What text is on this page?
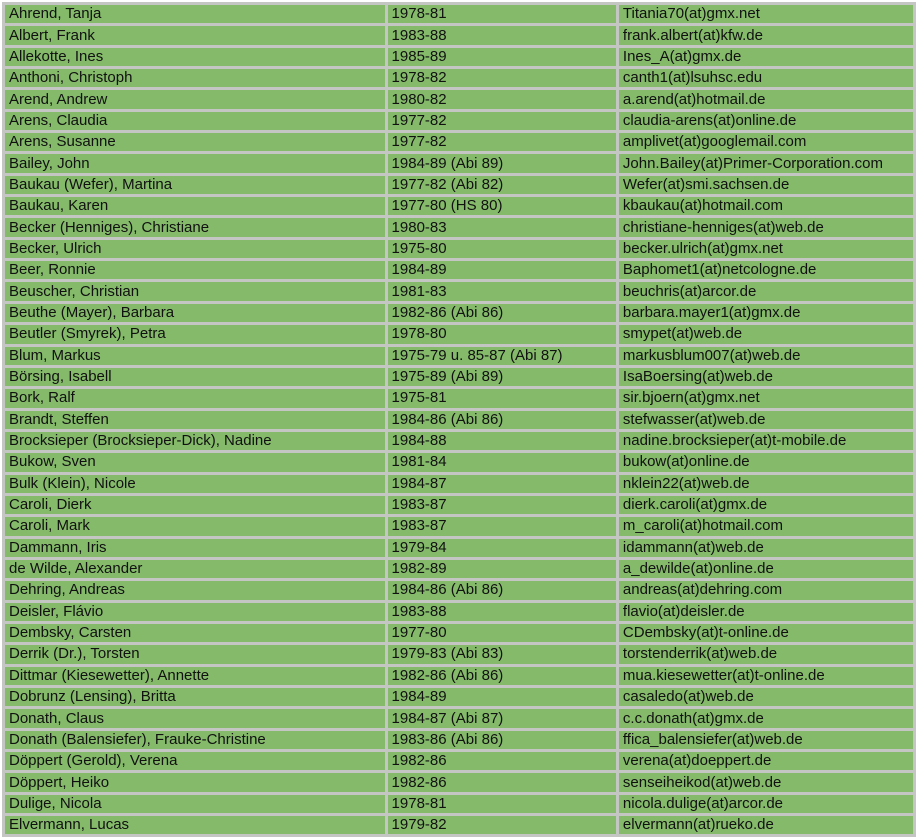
Ahrend, Tanja	1978-81	Titania70(at)gmx.net
Albert, Frank	1983-88	frank.albert(at)kfw.de
Allekotte, Ines	1985-89	Ines_A(at)gmx.de
Anthoni, Christoph	1978-82	canth1(at)lsuhsc.edu
Arend, Andrew	1980-82	a.arend(at)hotmail.de
Arens, Claudia	1977-82	claudia-arens(at)online.de
Arens, Susanne	1977-82	amplivet(at)googlemail.com
Bailey, John	1984-89 (Abi 89)	John.Bailey(at)Primer-Corporation.com
Baukau (Wefer), Martina	1977-82 (Abi 82)	Wefer(at)smi.sachsen.de
Baukau, Karen	1977-80 (HS 80)	kbaukau(at)hotmail.com
Becker (Henniges), Christiane	1980-83	christiane-henniges(at)web.de
Becker, Ulrich	1975-80	becker.ulrich(at)gmx.net
Beer, Ronnie	1984-89	Baphomet1(at)netcologne.de
Beuscher, Christian	1981-83	beuchris(at)arcor.de
Beuthe (Mayer), Barbara	1982-86 (Abi 86)	barbara.mayer1(at)gmx.de
Beutler (Smyrek), Petra	1978-80	smypet(at)web.de
Blum, Markus	1975-79 u. 85-87 (Abi 87)	markusblum007(at)web.de
Börsing, Isabell	1975-89 (Abi 89)	IsaBoersing(at)web.de
Bork, Ralf	1975-81	sir.bjoern(at)gmx.net
Brandt, Steffen	1984-86 (Abi 86)	stefwasser(at)web.de
Brocksieper (Brocksieper-Dick), Nadine	1984-88	nadine.brocksieper(at)t-mobile.de
Bukow, Sven	1981-84	bukow(at)online.de
Bulk (Klein), Nicole	1984-87	nklein22(at)web.de
Caroli, Dierk	1983-87	dierk.caroli(at)gmx.de
Caroli, Mark	1983-87	m_caroli(at)hotmail.com
Dammann, Iris	1979-84	idammann(at)web.de
de Wilde, Alexander	1982-89	a_dewilde(at)online.de
Dehring, Andreas	1984-86 (Abi 86)	andreas(at)dehring.com
Deisler, Flávio	1983-88	flavio(at)deisler.de
Dembsky, Carsten	1977-80	CDembsky(at)t-online.de
Derrik (Dr.), Torsten	1979-83 (Abi 83)	torstenderrik(at)web.de
Dittmar (Kiesewetter), Annette	1982-86 (Abi 86)	mua.kiesewetter(at)t-online.de
Dobrunz (Lensing), Britta	1984-89	casaledo(at)web.de
Donath, Claus	1984-87 (Abi 87)	c.c.donath(at)gmx.de
Donath (Balensiefer), Frauke-Christine	1983-86 (Abi 86)	ffica_balensiefer(at)web.de
Döppert (Gerold), Verena	1982-86	verena(at)doeppert.de
Döppert, Heiko	1982-86	senseiheikod(at)web.de
Dulige, Nicola	1978-81	nicola.dulige(at)arcor.de
Elvermann, Lucas	1979-82	elvermann(at)rueko.de
